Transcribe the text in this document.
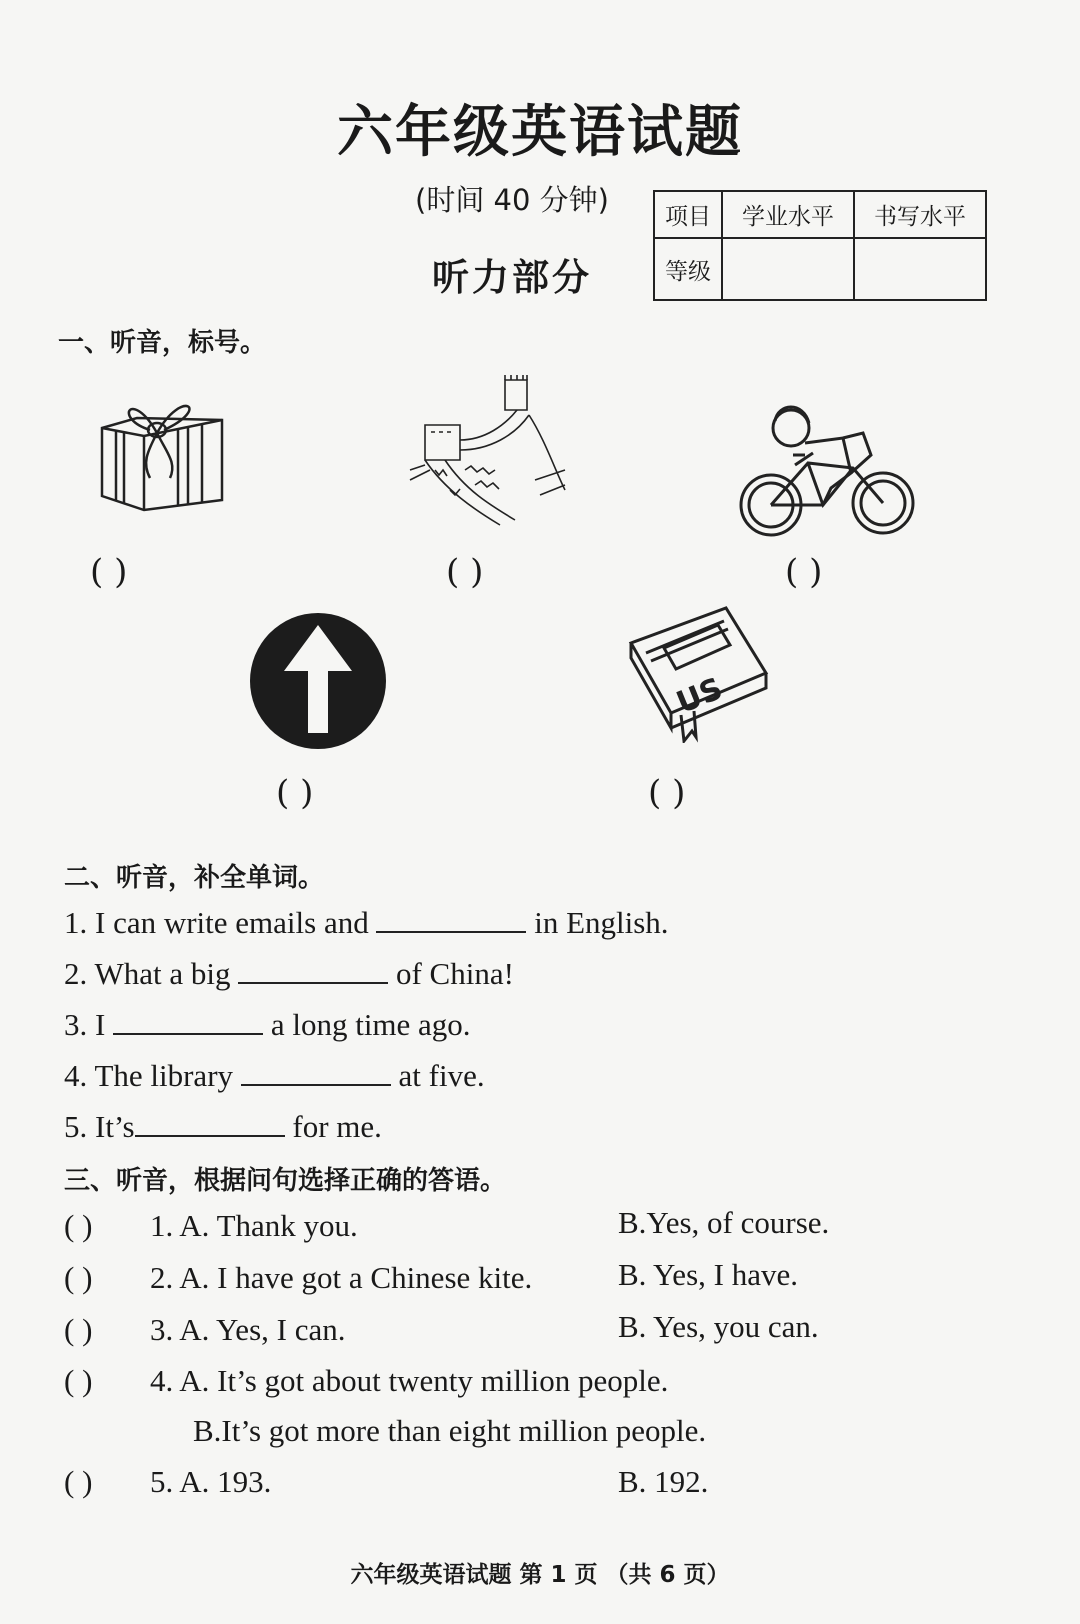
六年级英语试题
(时间 40 分钟)
听力部分
项目	学业水平	书写水平
等级		
一、听音，标号。
( )	( )	( )
( )
US
( )
二、听音，补全单词。
1. I can write emails and	in English.
2. What a big	of China!
3. I	a long time ago.
4. The library	at five.
5. It’s	for me.
三、听音，根据问句选择正确的答语。
( ) 1. A. Thank you.	B.Yes, of course.
( ) 2. A. I have got a Chinese kite.	B. Yes, I have.
( ) 3. A. Yes, I can.	B. Yes, you can.
( ) 4. A. It’s got about twenty million people.
B.It’s got more than eight million people.
( ) 5. A. 193.	B. 192.
六年级英语试题 第 1 页 （共 6 页）
